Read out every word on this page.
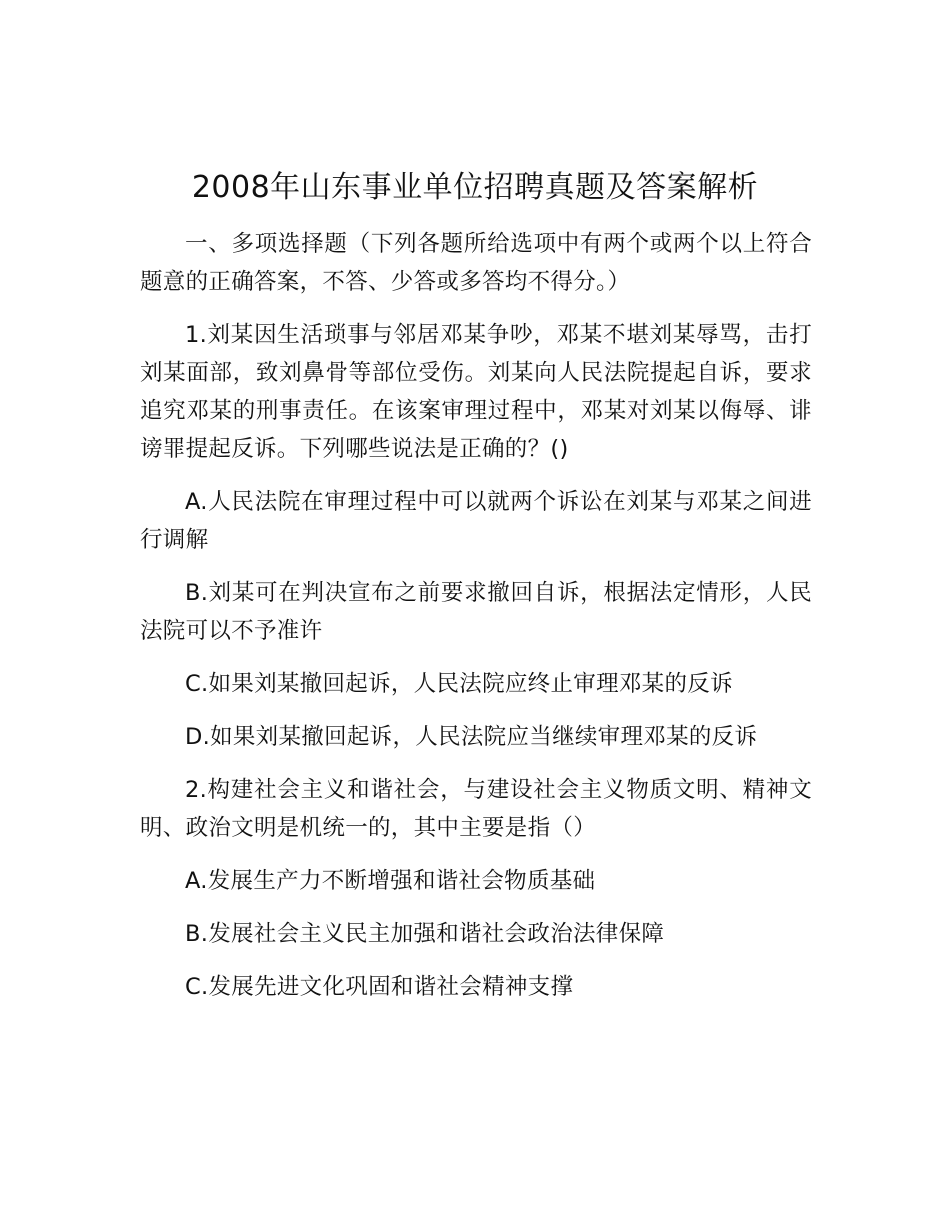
2008年山东事业单位招聘真题及答案解析

一、多项选择题（下列各题所给选项中有两个或两个以上符合题意的正确答案，不答、少答或多答均不得分。）

1.刘某因生活琐事与邻居邓某争吵，邓某不堪刘某辱骂，击打刘某面部，致刘鼻骨等部位受伤。刘某向人民法院提起自诉，要求追究邓某的刑事责任。在该案审理过程中，邓某对刘某以侮辱、诽谤罪提起反诉。下列哪些说法是正确的？()

A.人民法院在审理过程中可以就两个诉讼在刘某与邓某之间进行调解

B.刘某可在判决宣布之前要求撤回自诉，根据法定情形，人民法院可以不予准许

C.如果刘某撤回起诉，人民法院应终止审理邓某的反诉

D.如果刘某撤回起诉，人民法院应当继续审理邓某的反诉

2.构建社会主义和谐社会，与建设社会主义物质文明、精神文明、政治文明是机统一的，其中主要是指（）

A.发展生产力不断增强和谐社会物质基础

B.发展社会主义民主加强和谐社会政治法律保障

C.发展先进文化巩固和谐社会精神支撑
